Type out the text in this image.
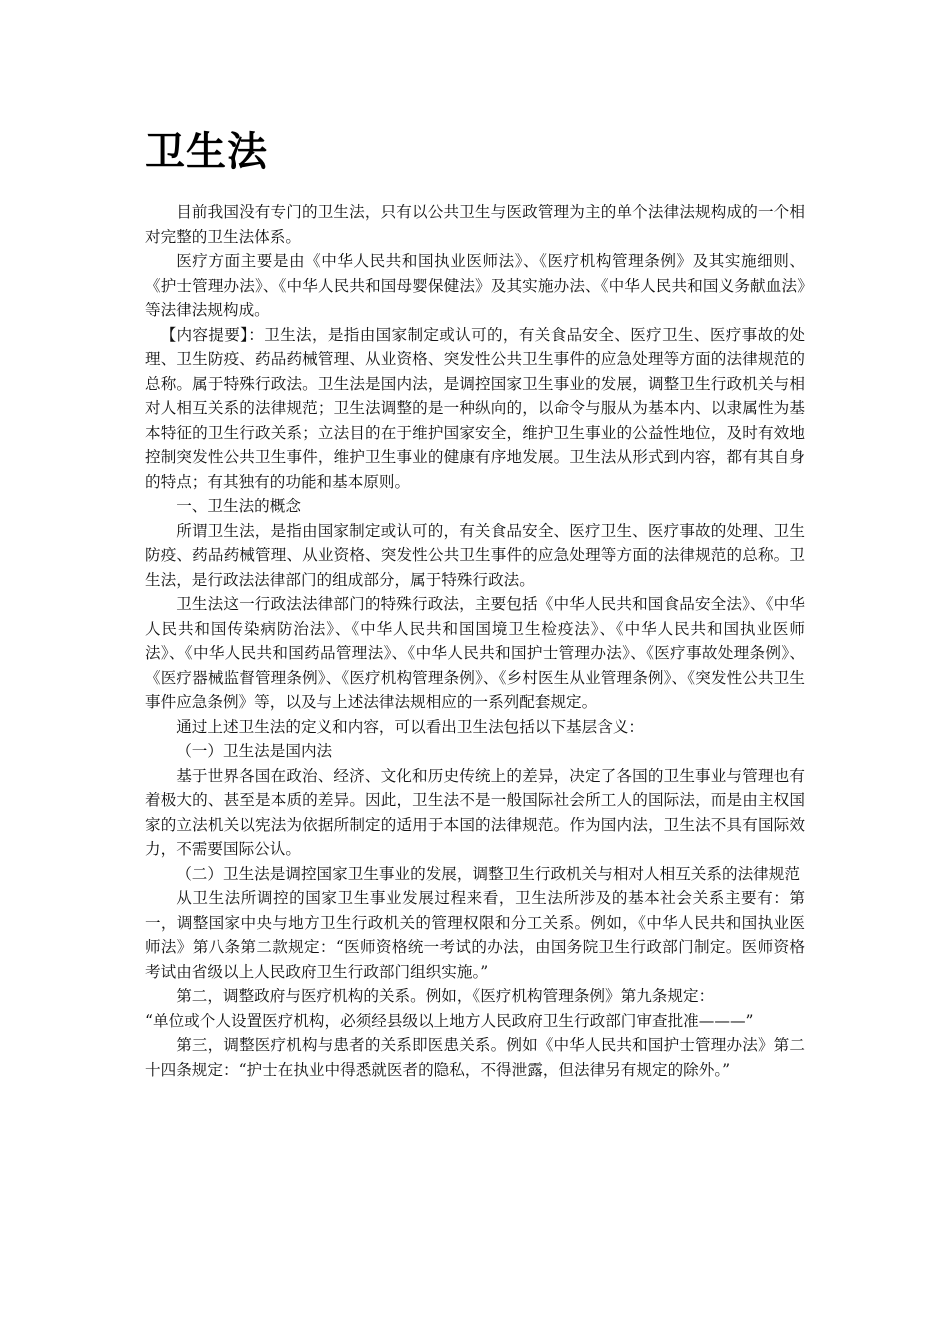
卫生法

目前我国没有专门的卫生法，只有以公共卫生与医政管理为主的单个法律法规构成的一个相对完整的卫生法体系。

医疗方面主要是由《中华人民共和国执业医师法》、《医疗机构管理条例》及其实施细则、《护士管理办法》、《中华人民共和国母婴保健法》及其实施办法、《中华人民共和国义务献血法》等法律法规构成。

【内容提要】：卫生法，是指由国家制定或认可的，有关食品安全、医疗卫生、医疗事故的处理、卫生防疫、药品药械管理、从业资格、突发性公共卫生事件的应急处理等方面的法律规范的总称。属于特殊行政法。卫生法是国内法，是调控国家卫生事业的发展，调整卫生行政机关与相对人相互关系的法律规范；卫生法调整的是一种纵向的，以命令与服从为基本内、以隶属性为基本特征的卫生行政关系；立法目的在于维护国家安全，维护卫生事业的公益性地位，及时有效地控制突发性公共卫生事件，维护卫生事业的健康有序地发展。卫生法从形式到内容，都有其自身的特点；有其独有的功能和基本原则。

一、卫生法的概念

所谓卫生法，是指由国家制定或认可的，有关食品安全、医疗卫生、医疗事故的处理、卫生防疫、药品药械管理、从业资格、突发性公共卫生事件的应急处理等方面的法律规范的总称。卫生法，是行政法法律部门的组成部分，属于特殊行政法。

卫生法这一行政法法律部门的特殊行政法，主要包括《中华人民共和国食品安全法》、《中华人民共和国传染病防治法》、《中华人民共和国国境卫生检疫法》、《中华人民共和国执业医师法》、《中华人民共和国药品管理法》、《中华人民共和国护士管理办法》、《医疗事故处理条例》、《医疗器械监督管理条例》、《医疗机构管理条例》、《乡村医生从业管理条例》、《突发性公共卫生事件应急条例》等，以及与上述法律法规相应的一系列配套规定。

通过上述卫生法的定义和内容，可以看出卫生法包括以下基层含义：

（一）卫生法是国内法

基于世界各国在政治、经济、文化和历史传统上的差异，决定了各国的卫生事业与管理也有着极大的、甚至是本质的差异。因此，卫生法不是一般国际社会所工人的国际法，而是由主权国家的立法机关以宪法为依据所制定的适用于本国的法律规范。作为国内法，卫生法不具有国际效力，不需要国际公认。

（二）卫生法是调控国家卫生事业的发展，调整卫生行政机关与相对人相互关系的法律规范

从卫生法所调控的国家卫生事业发展过程来看，卫生法所涉及的基本社会关系主要有：第一，调整国家中央与地方卫生行政机关的管理权限和分工关系。例如，《中华人民共和国执业医师法》第八条第二款规定：“医师资格统一考试的办法，由国务院卫生行政部门制定。医师资格考试由省级以上人民政府卫生行政部门组织实施。”

第二，调整政府与医疗机构的关系。例如，《医疗机构管理条例》第九条规定：

“单位或个人设置医疗机构，必须经县级以上地方人民政府卫生行政部门审查批准———”

第三，调整医疗机构与患者的关系即医患关系。例如《中华人民共和国护士管理办法》第二十四条规定：“护士在执业中得悉就医者的隐私，不得泄露，但法律另有规定的除外。”
